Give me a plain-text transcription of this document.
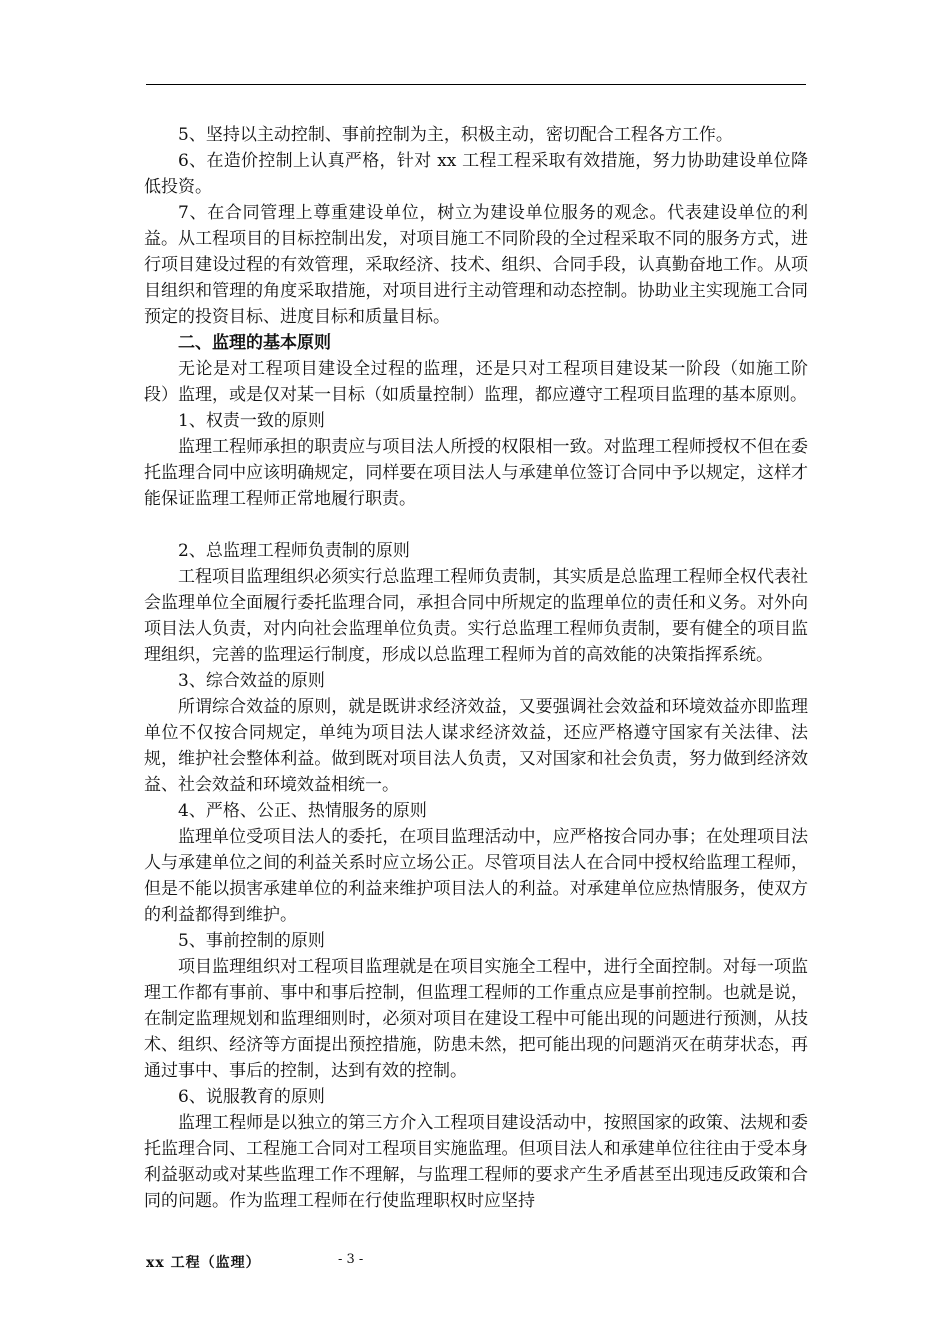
5、坚持以主动控制、事前控制为主，积极主动，密切配合工程各方工作。

6、在造价控制上认真严格，针对 xx 工程工程采取有效措施，努力协助建设单位降低投资。

7、在合同管理上尊重建设单位，树立为建设单位服务的观念。代表建设单位的利益。从工程项目的目标控制出发，对项目施工不同阶段的全过程采取不同的服务方式，进行项目建设过程的有效管理，采取经济、技术、组织、合同手段，认真勤奋地工作。从项目组织和管理的角度采取措施，对项目进行主动管理和动态控制。协助业主实现施工合同预定的投资目标、进度目标和质量目标。

二、监理的基本原则

无论是对工程项目建设全过程的监理，还是只对工程项目建设某一阶段（如施工阶段）监理，或是仅对某一目标（如质量控制）监理，都应遵守工程项目监理的基本原则。

1、权责一致的原则

监理工程师承担的职责应与项目法人所授的权限相一致。对监理工程师授权不但在委托监理合同中应该明确规定，同样要在项目法人与承建单位签订合同中予以规定，这样才能保证监理工程师正常地履行职责。

2、总监理工程师负责制的原则

工程项目监理组织必须实行总监理工程师负责制，其实质是总监理工程师全权代表社会监理单位全面履行委托监理合同，承担合同中所规定的监理单位的责任和义务。对外向项目法人负责，对内向社会监理单位负责。实行总监理工程师负责制，要有健全的项目监理组织，完善的监理运行制度，形成以总监理工程师为首的高效能的决策指挥系统。

3、综合效益的原则

所谓综合效益的原则，就是既讲求经济效益，又要强调社会效益和环境效益亦即监理单位不仅按合同规定，单纯为项目法人谋求经济效益，还应严格遵守国家有关法律、法规，维护社会整体利益。做到既对项目法人负责，又对国家和社会负责，努力做到经济效益、社会效益和环境效益相统一。

4、严格、公正、热情服务的原则

监理单位受项目法人的委托，在项目监理活动中，应严格按合同办事；在处理项目法人与承建单位之间的利益关系时应立场公正。尽管项目法人在合同中授权给监理工程师，但是不能以损害承建单位的利益来维护项目法人的利益。对承建单位应热情服务，使双方的利益都得到维护。

5、事前控制的原则

项目监理组织对工程项目监理就是在项目实施全工程中，进行全面控制。对每一项监理工作都有事前、事中和事后控制，但监理工程师的工作重点应是事前控制。也就是说，在制定监理规划和监理细则时，必须对项目在建设工程中可能出现的问题进行预测，从技术、组织、经济等方面提出预控措施，防患未然，把可能出现的问题消灭在萌芽状态，再通过事中、事后的控制，达到有效的控制。

6、说服教育的原则

监理工程师是以独立的第三方介入工程项目建设活动中，按照国家的政策、法规和委托监理合同、工程施工合同对工程项目实施监理。但项目法人和承建单位往往由于受本身利益驱动或对某些监理工作不理解，与监理工程师的要求产生矛盾甚至出现违反政策和合同的问题。作为监理工程师在行使监理职权时应坚持

xx 工程（监理）	- 3 -
